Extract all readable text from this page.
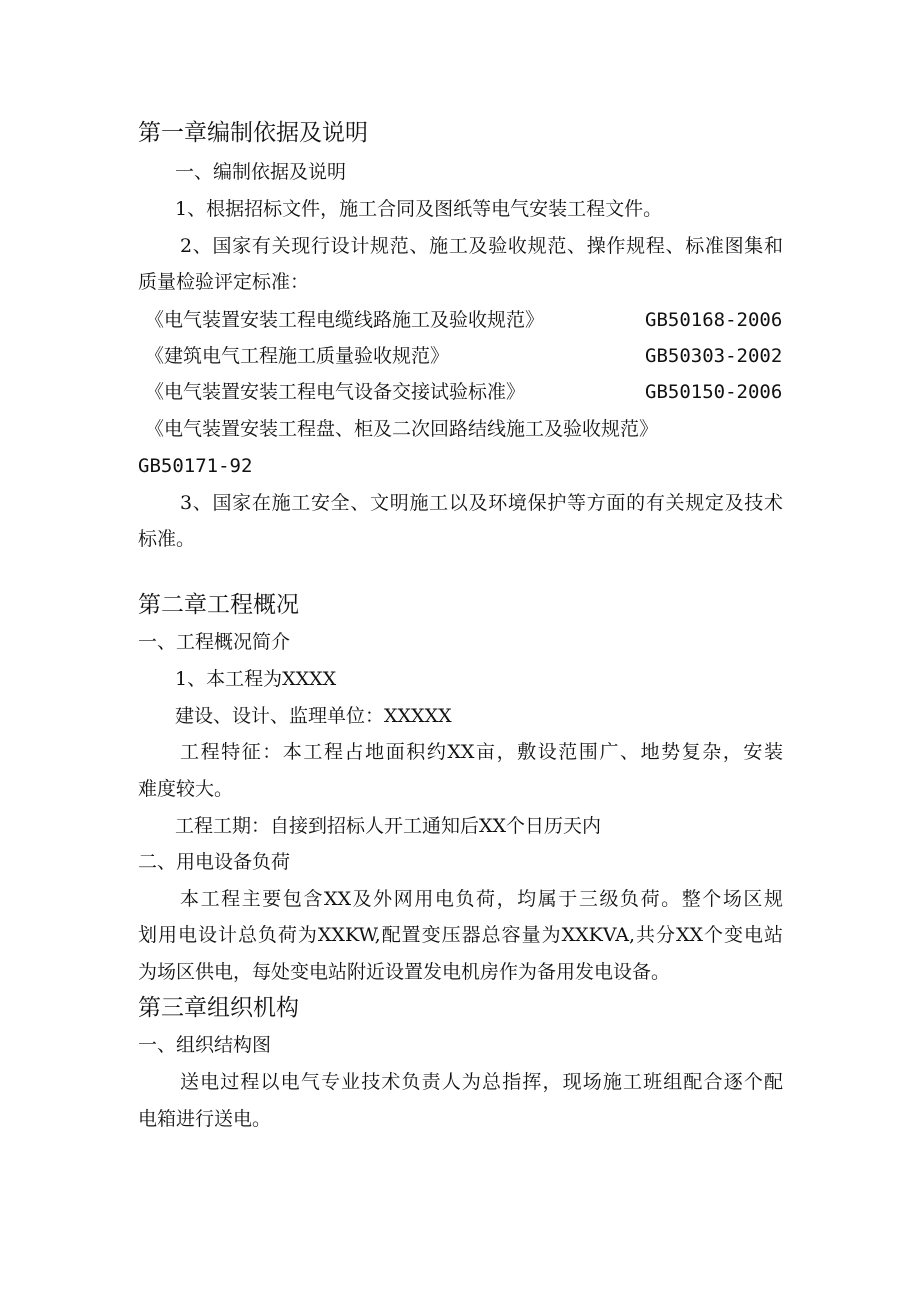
第一章编制依据及说明
一、编制依据及说明
1、根据招标文件，施工合同及图纸等电气安装工程文件。
2、国家有关现行设计规范、施工及验收规范、操作规程、标准图集和
质量检验评定标准：
《电气装置安装工程电缆线路施工及验收规范》	GB50168-2006
《建筑电气工程施工质量验收规范》	GB50303-2002
《电气装置安装工程电气设备交接试验标准》	GB50150-2006
《电气装置安装工程盘、柜及二次回路结线施工及验收规范》
GB50171-92
3、国家在施工安全、文明施工以及环境保护等方面的有关规定及技术
标准。
第二章工程概况
一、工程概况简介
1、本工程为XXXX
建设、设计、监理单位：XXXXX
工程特征：本工程占地面积约XX亩，敷设范围广、地势复杂，安装
难度较大。
工程工期：自接到招标人开工通知后XX个日历天内
二、用电设备负荷
本工程主要包含XX及外网用电负荷，均属于三级负荷。整个场区规
划用电设计总负荷为XXKW,配置变压器总容量为XXKVA,共分XX个变电站
为场区供电，每处变电站附近设置发电机房作为备用发电设备。
第三章组织机构
一、组织结构图
送电过程以电气专业技术负责人为总指挥，现场施工班组配合逐个配
电箱进行送电。
